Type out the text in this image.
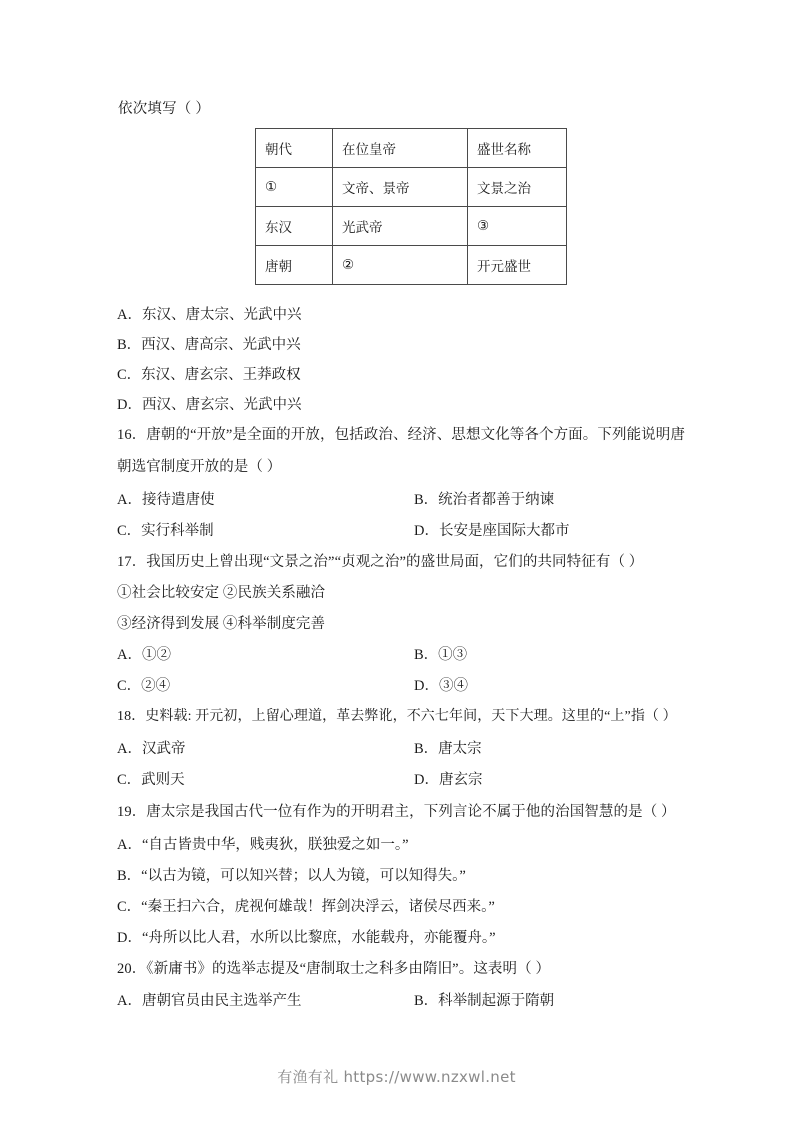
依次填写（ ）
朝代	在位皇帝	盛世名称
①	文帝、景帝	文景之治
东汉	光武帝	③
唐朝	②	开元盛世
A．东汉、唐太宗、光武中兴
B．西汉、唐高宗、光武中兴
C．东汉、唐玄宗、王莽政权
D．西汉、唐玄宗、光武中兴
16．唐朝的“开放”是全面的开放，包括政治、经济、思想文化等各个方面。下列能说明唐
朝选官制度开放的是（ ）
A．接待遣唐使	B．统治者都善于纳谏
C．实行科举制	D．长安是座国际大都市
17．我国历史上曾出现“文景之治”“贞观之治”的盛世局面，它们的共同特征有（ ）
①社会比较安定 ②民族关系融洽
③经济得到发展 ④科举制度完善
A．①②	B．①③
C．②④	D．③④
18．史料载: 开元初，上留心理道，革去弊讹，不六七年间，天下大理。这里的“上”指（ ）
A．汉武帝	B．唐太宗
C．武则天	D．唐玄宗
19．唐太宗是我国古代一位有作为的开明君主，下列言论不属于他的治国智慧的是（ ）
A．“自古皆贵中华，贱夷狄，朕独爱之如一。”
B．“以古为镜，可以知兴替；以人为镜，可以知得失。”
C．“秦王扫六合，虎视何雄哉！挥剑决浮云，诸侯尽西来。”
D．“舟所以比人君，水所以比黎庶，水能载舟，亦能覆舟。”
20．《新庸书》的选举志提及“唐制取士之科多由隋旧”。这表明（ ）
A．唐朝官员由民主选举产生	B．科举制起源于隋朝
有渔有礼 https://www.nzxwl.net
